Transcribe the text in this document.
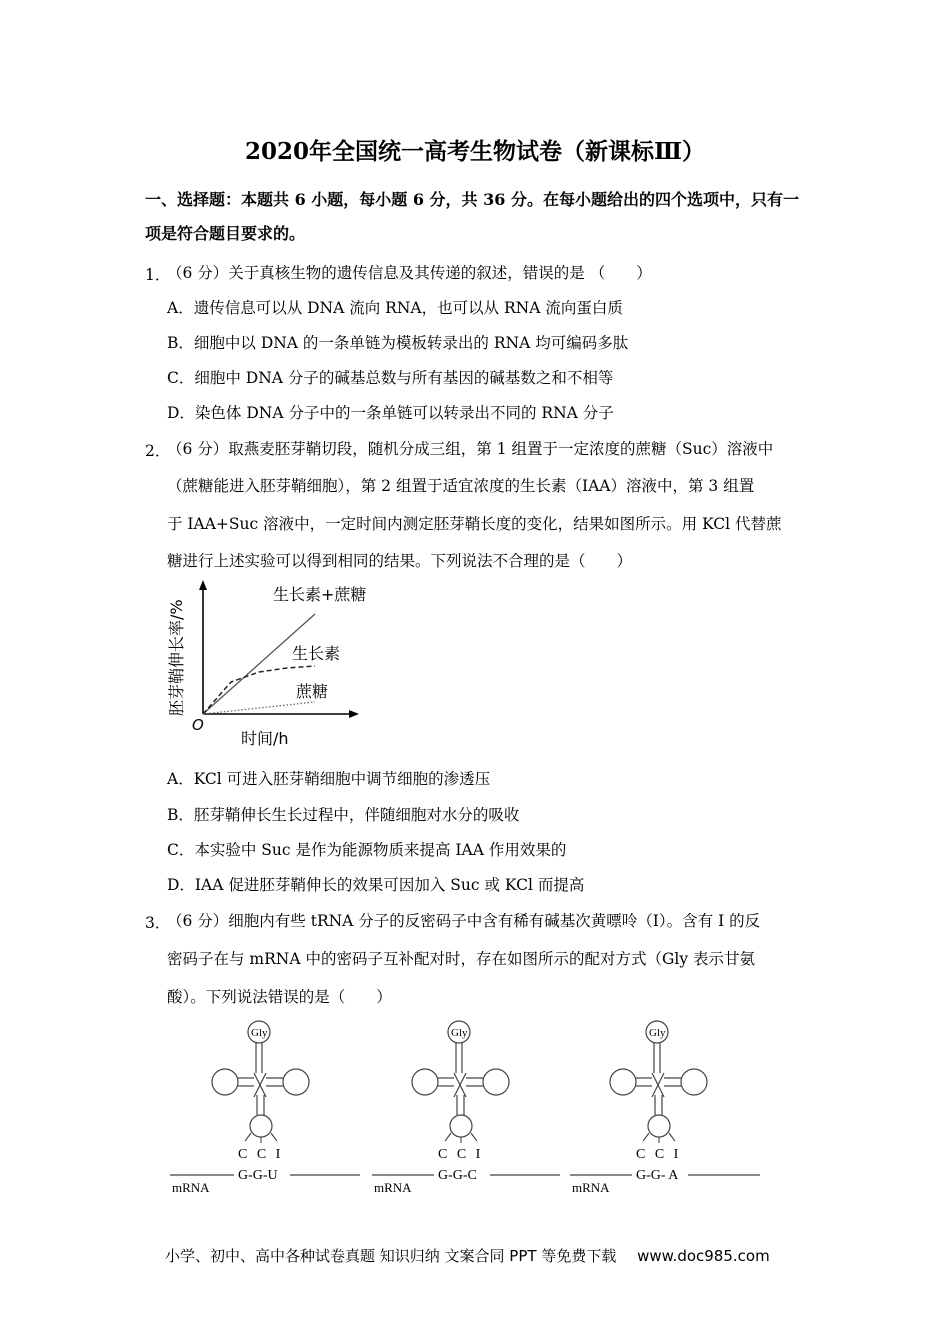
2020年全国统一高考生物试卷（新课标Ⅲ）
一、选择题：本题共 6 小题，每小题 6 分，共 36 分。在每小题给出的四个选项中，只有一
项是符合题目要求的。
1．
（6 分）关于真核生物的遗传信息及其传递的叙述，错误的是 （　　）
A．遗传信息可以从 DNA 流向 RNA，也可以从 RNA 流向蛋白质
B．细胞中以 DNA 的一条单链为模板转录出的 RNA 均可编码多肽
C．细胞中 DNA 分子的碱基总数与所有基因的碱基数之和不相等
D．染色体 DNA 分子中的一条单链可以转录出不同的 RNA 分子
2．
（6 分）取燕麦胚芽鞘切段，随机分成三组，第 1 组置于一定浓度的蔗糖（Suc）溶液中
（蔗糖能进入胚芽鞘细胞），第 2 组置于适宜浓度的生长素（IAA）溶液中，第 3 组置
于 IAA+Suc 溶液中，一定时间内测定胚芽鞘长度的变化，结果如图所示。用 KCl 代替蔗
糖进行上述实验可以得到相同的结果。下列说法不合理的是（　　）
O
时间/h
胚芽鞘伸长率/%
生长素+蔗糖
生长素
蔗糖
A．KCl 可进入胚芽鞘细胞中调节细胞的渗透压
B．胚芽鞘伸长生长过程中，伴随细胞对水分的吸收
C．本实验中 Suc 是作为能源物质来提高 IAA 作用效果的
D．IAA 促进胚芽鞘伸长的效果可因加入 Suc 或 KCl 而提高
3．
（6 分）细胞内有些 tRNA 分子的反密码子中含有稀有碱基次黄嘌呤（I）。含有 I 的反
密码子在与 mRNA 中的密码子互补配对时，存在如图所示的配对方式（Gly 表示甘氨
酸）。下列说法错误的是（　　）
Gly
C C I
G-G-U
mRNA
Gly
C C I
G-G-C
mRNA
Gly
C C I
G-G- A
mRNA
小学、初中、高中各种试卷真题 知识归纳 文案合同 PPT 等免费下载 www.doc985.com
